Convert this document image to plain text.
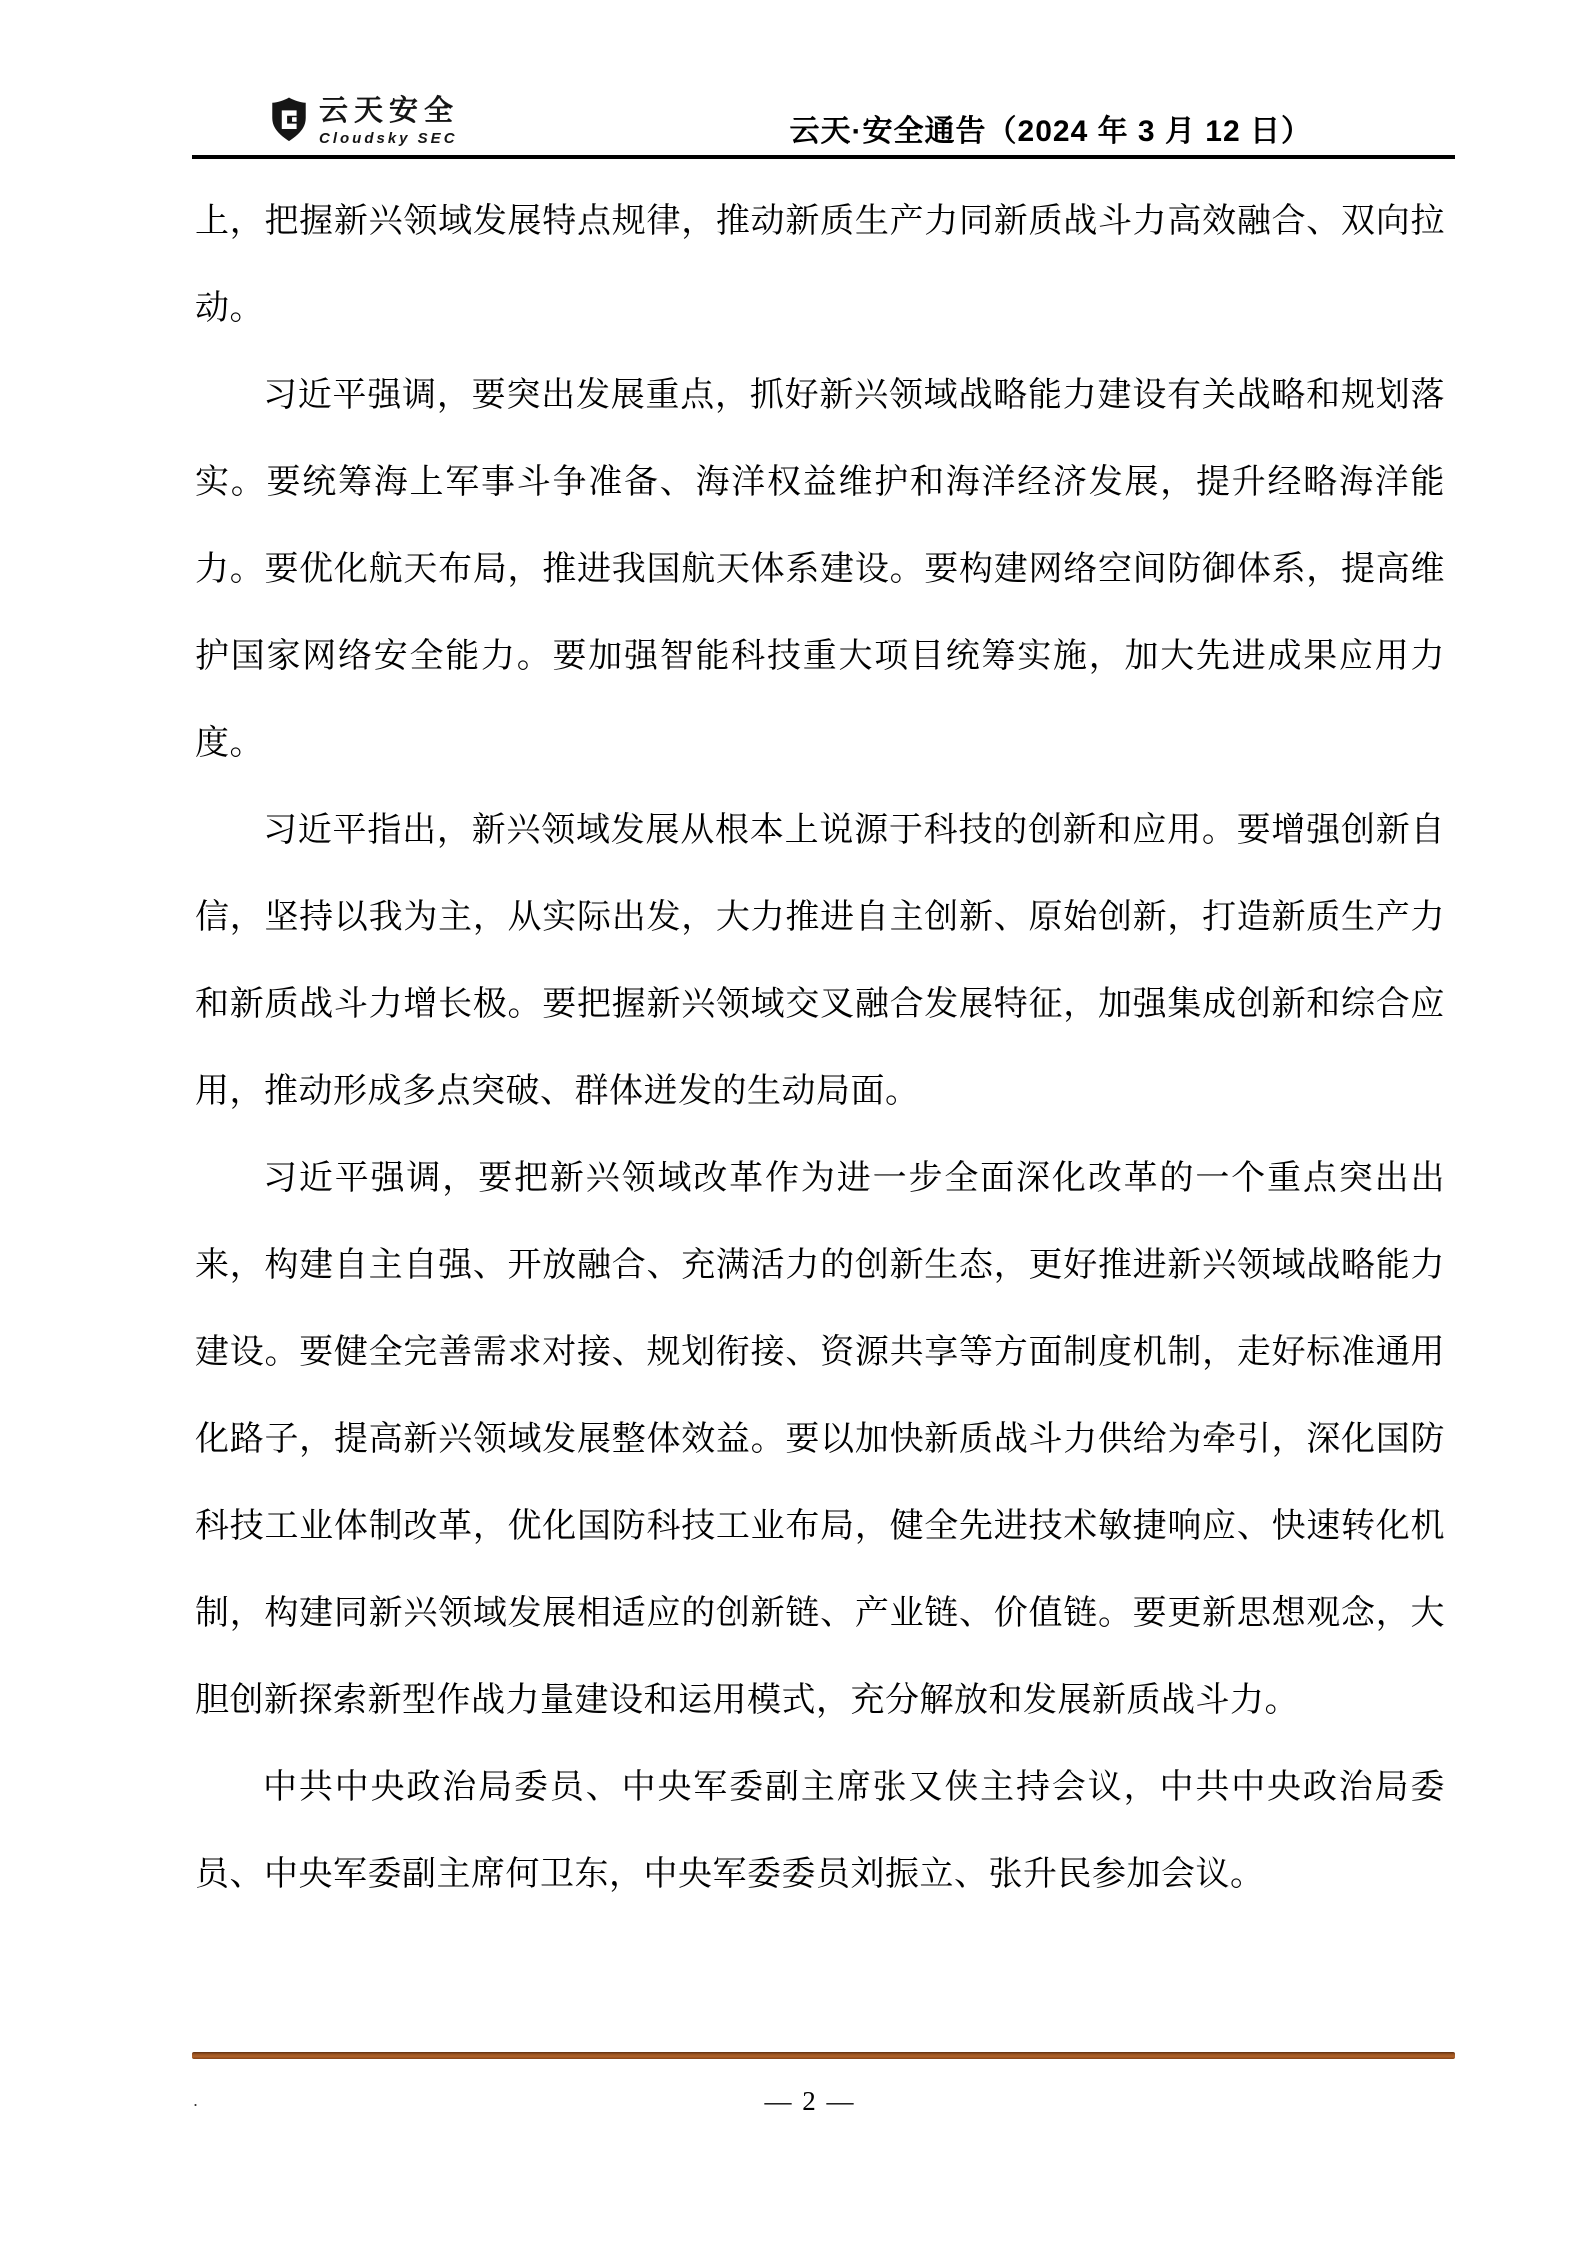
云天安全
Cloudsky SEC	云天·安全通告（2024 年 3 月 12 日）

上，把握新兴领域发展特点规律，推动新质生产力同新质战斗力高效融合、双向拉动。

习近平强调，要突出发展重点，抓好新兴领域战略能力建设有关战略和规划落实。要统筹海上军事斗争准备、海洋权益维护和海洋经济发展，提升经略海洋能力。要优化航天布局，推进我国航天体系建设。要构建网络空间防御体系，提高维护国家网络安全能力。要加强智能科技重大项目统筹实施，加大先进成果应用力度。

习近平指出，新兴领域发展从根本上说源于科技的创新和应用。要增强创新自信，坚持以我为主，从实际出发，大力推进自主创新、原始创新，打造新质生产力和新质战斗力增长极。要把握新兴领域交叉融合发展特征，加强集成创新和综合应用，推动形成多点突破、群体迸发的生动局面。

习近平强调，要把新兴领域改革作为进一步全面深化改革的一个重点突出出来，构建自主自强、开放融合、充满活力的创新生态，更好推进新兴领域战略能力建设。要健全完善需求对接、规划衔接、资源共享等方面制度机制，走好标准通用化路子，提高新兴领域发展整体效益。要以加快新质战斗力供给为牵引，深化国防科技工业体制改革，优化国防科技工业布局，健全先进技术敏捷响应、快速转化机制，构建同新兴领域发展相适应的创新链、产业链、价值链。要更新思想观念，大胆创新探索新型作战力量建设和运用模式，充分解放和发展新质战斗力。

中共中央政治局委员、中央军委副主席张又侠主持会议，中共中央政治局委员、中央军委副主席何卫东，中央军委委员刘振立、张升民参加会议。

.	— 2 —
